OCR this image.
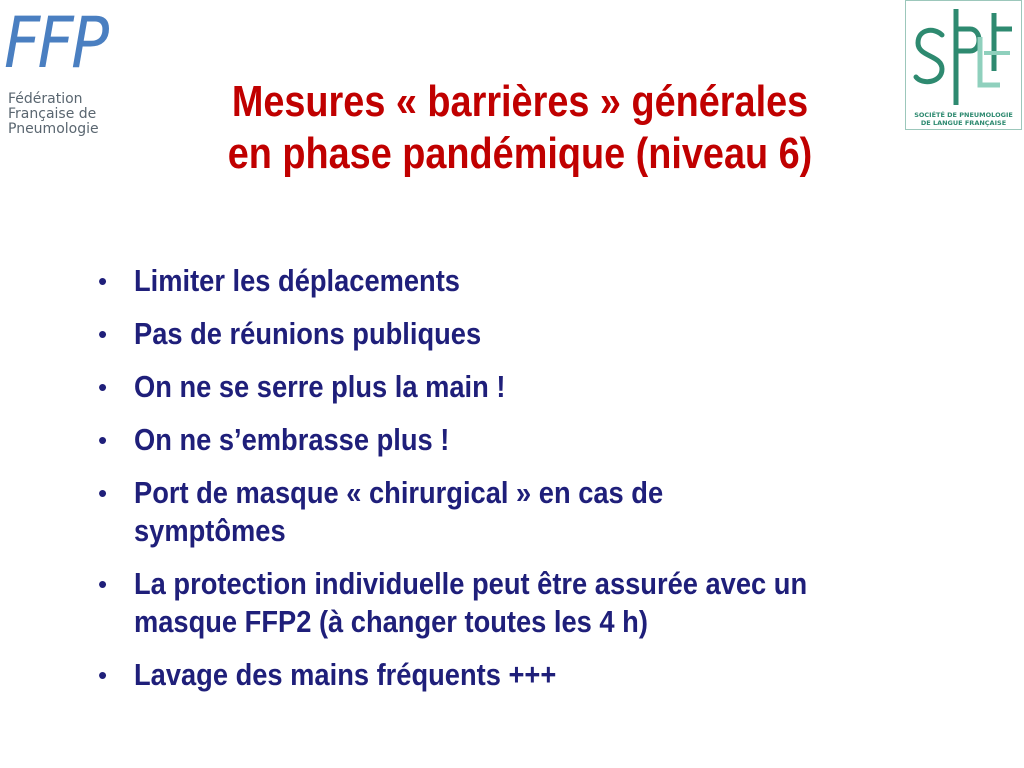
FFP
Fédération
Française de
Pneumologie
SOCIÉTÉ DE PNEUMOLOGIE
DE LANGUE FRANÇAISE
Mesures « barrières » générales
en phase pandémique (niveau 6)
• Limiter les déplacements
• Pas de réunions publiques
• On ne se serre plus la main !
• On ne s’embrasse plus !
• Port de masque « chirurgical » en cas de
symptômes
• La protection individuelle peut être assurée avec un
masque FFP2 (à changer toutes les 4 h)
• Lavage des mains fréquents +++
